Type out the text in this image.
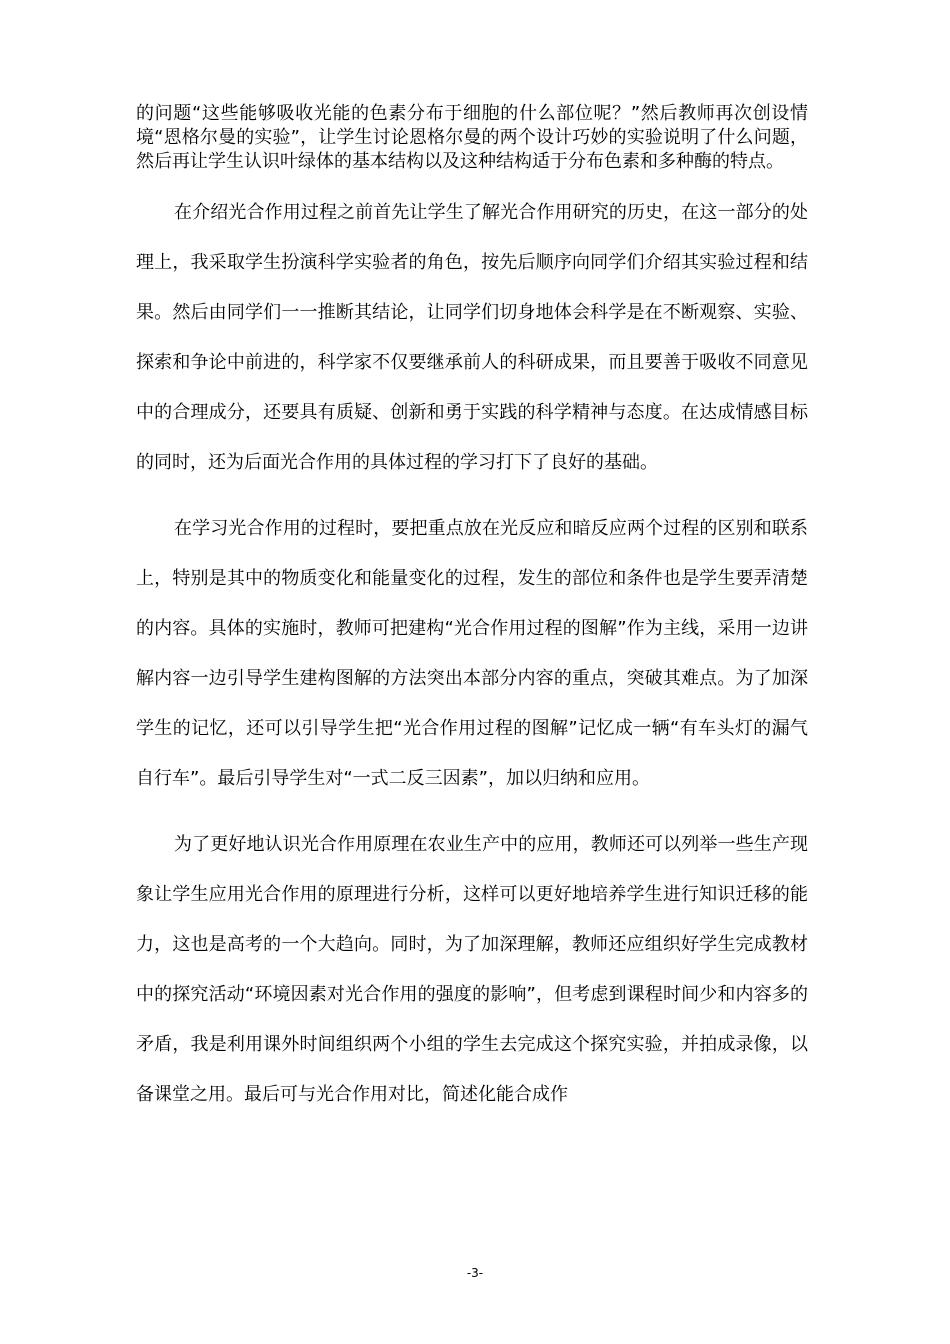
的问题“这些能够吸收光能的色素分布于细胞的什么部位呢？”然后教师再次创设情境“恩格尔曼的实验”，让学生讨论恩格尔曼的两个设计巧妙的实验说明了什么问题，然后再让学生认识叶绿体的基本结构以及这种结构适于分布色素和多种酶的特点。

在介绍光合作用过程之前首先让学生了解光合作用研究的历史，在这一部分的处理上，我采取学生扮演科学实验者的角色，按先后顺序向同学们介绍其实验过程和结果。然后由同学们一一推断其结论，让同学们切身地体会科学是在不断观察、实验、探索和争论中前进的，科学家不仅要继承前人的科研成果，而且要善于吸收不同意见中的合理成分，还要具有质疑、创新和勇于实践的科学精神与态度。在达成情感目标的同时，还为后面光合作用的具体过程的学习打下了良好的基础。

在学习光合作用的过程时，要把重点放在光反应和暗反应两个过程的区别和联系上，特别是其中的物质变化和能量变化的过程，发生的部位和条件也是学生要弄清楚的内容。具体的实施时，教师可把建构“光合作用过程的图解”作为主线，采用一边讲解内容一边引导学生建构图解的方法突出本部分内容的重点，突破其难点。为了加深学生的记忆，还可以引导学生把“光合作用过程的图解”记忆成一辆“有车头灯的漏气自行车”。最后引导学生对“一式二反三因素”，加以归纳和应用。

为了更好地认识光合作用原理在农业生产中的应用，教师还可以列举一些生产现象让学生应用光合作用的原理进行分析，这样可以更好地培养学生进行知识迁移的能力，这也是高考的一个大趋向。同时，为了加深理解，教师还应组织好学生完成教材中的探究活动“环境因素对光合作用的强度的影响”，但考虑到课程时间少和内容多的矛盾，我是利用课外时间组织两个小组的学生去完成这个探究实验，并拍成录像，以备课堂之用。最后可与光合作用对比，简述化能合成作

-3-
